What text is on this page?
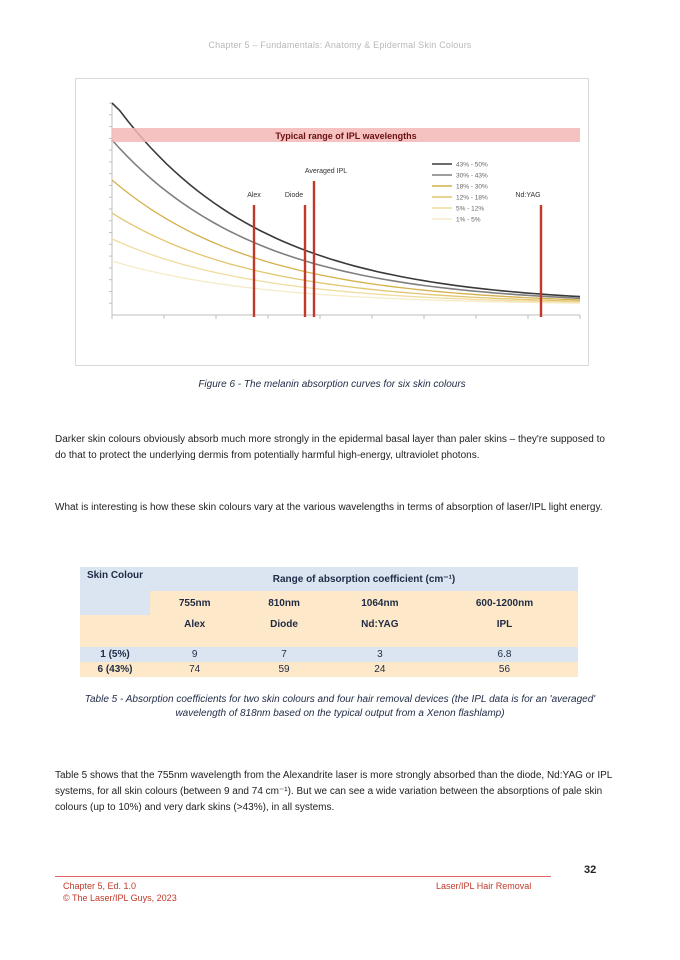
Chapter 5 – Fundamentals: Anatomy & Epidermal Skin Colours
Typical range of IPL wavelengths
Alex	Diode
Averaged IPL
Nd:YAG
43% - 50%
30% - 43%
18% - 30%
12% - 18%
5% - 12%
1% - 5%
Figure 6 - The melanin absorption curves for six skin colours

Darker skin colours obviously absorb much more strongly in the epidermal basal layer than paler skins – they're supposed to do that to protect the underlying dermis from potentially harmful high-energy, ultraviolet photons.

What is interesting is how these skin colours vary at the various wavelengths in terms of absorption of laser/IPL light energy.

Skin Colour	Range of absorption coefficient (cm⁻¹)			
	755nm	810nm	1064nm	600-1200nm
	Alex	Diode	Nd:YAG	IPL

1 (5%)	9	7	3	6.8
6 (43%)	74	59	24	56
Table 5 - Absorption coefficients for two skin colours and four hair removal devices (the IPL data is for an 'averaged' wavelength of 818nm based on the typical output from a Xenon flashlamp)

Table 5 shows that the 755nm wavelength from the Alexandrite laser is more strongly absorbed than the diode, Nd:YAG or IPL systems, for all skin colours (between 9 and 74 cm⁻¹). But we can see a wide variation between the absorptions of pale skin colours (up to 10%) and very dark skins (>43%), in all systems.

32
Chapter 5, Ed. 1.0	Laser/IPL Hair Removal
© The Laser/IPL Guys, 2023
